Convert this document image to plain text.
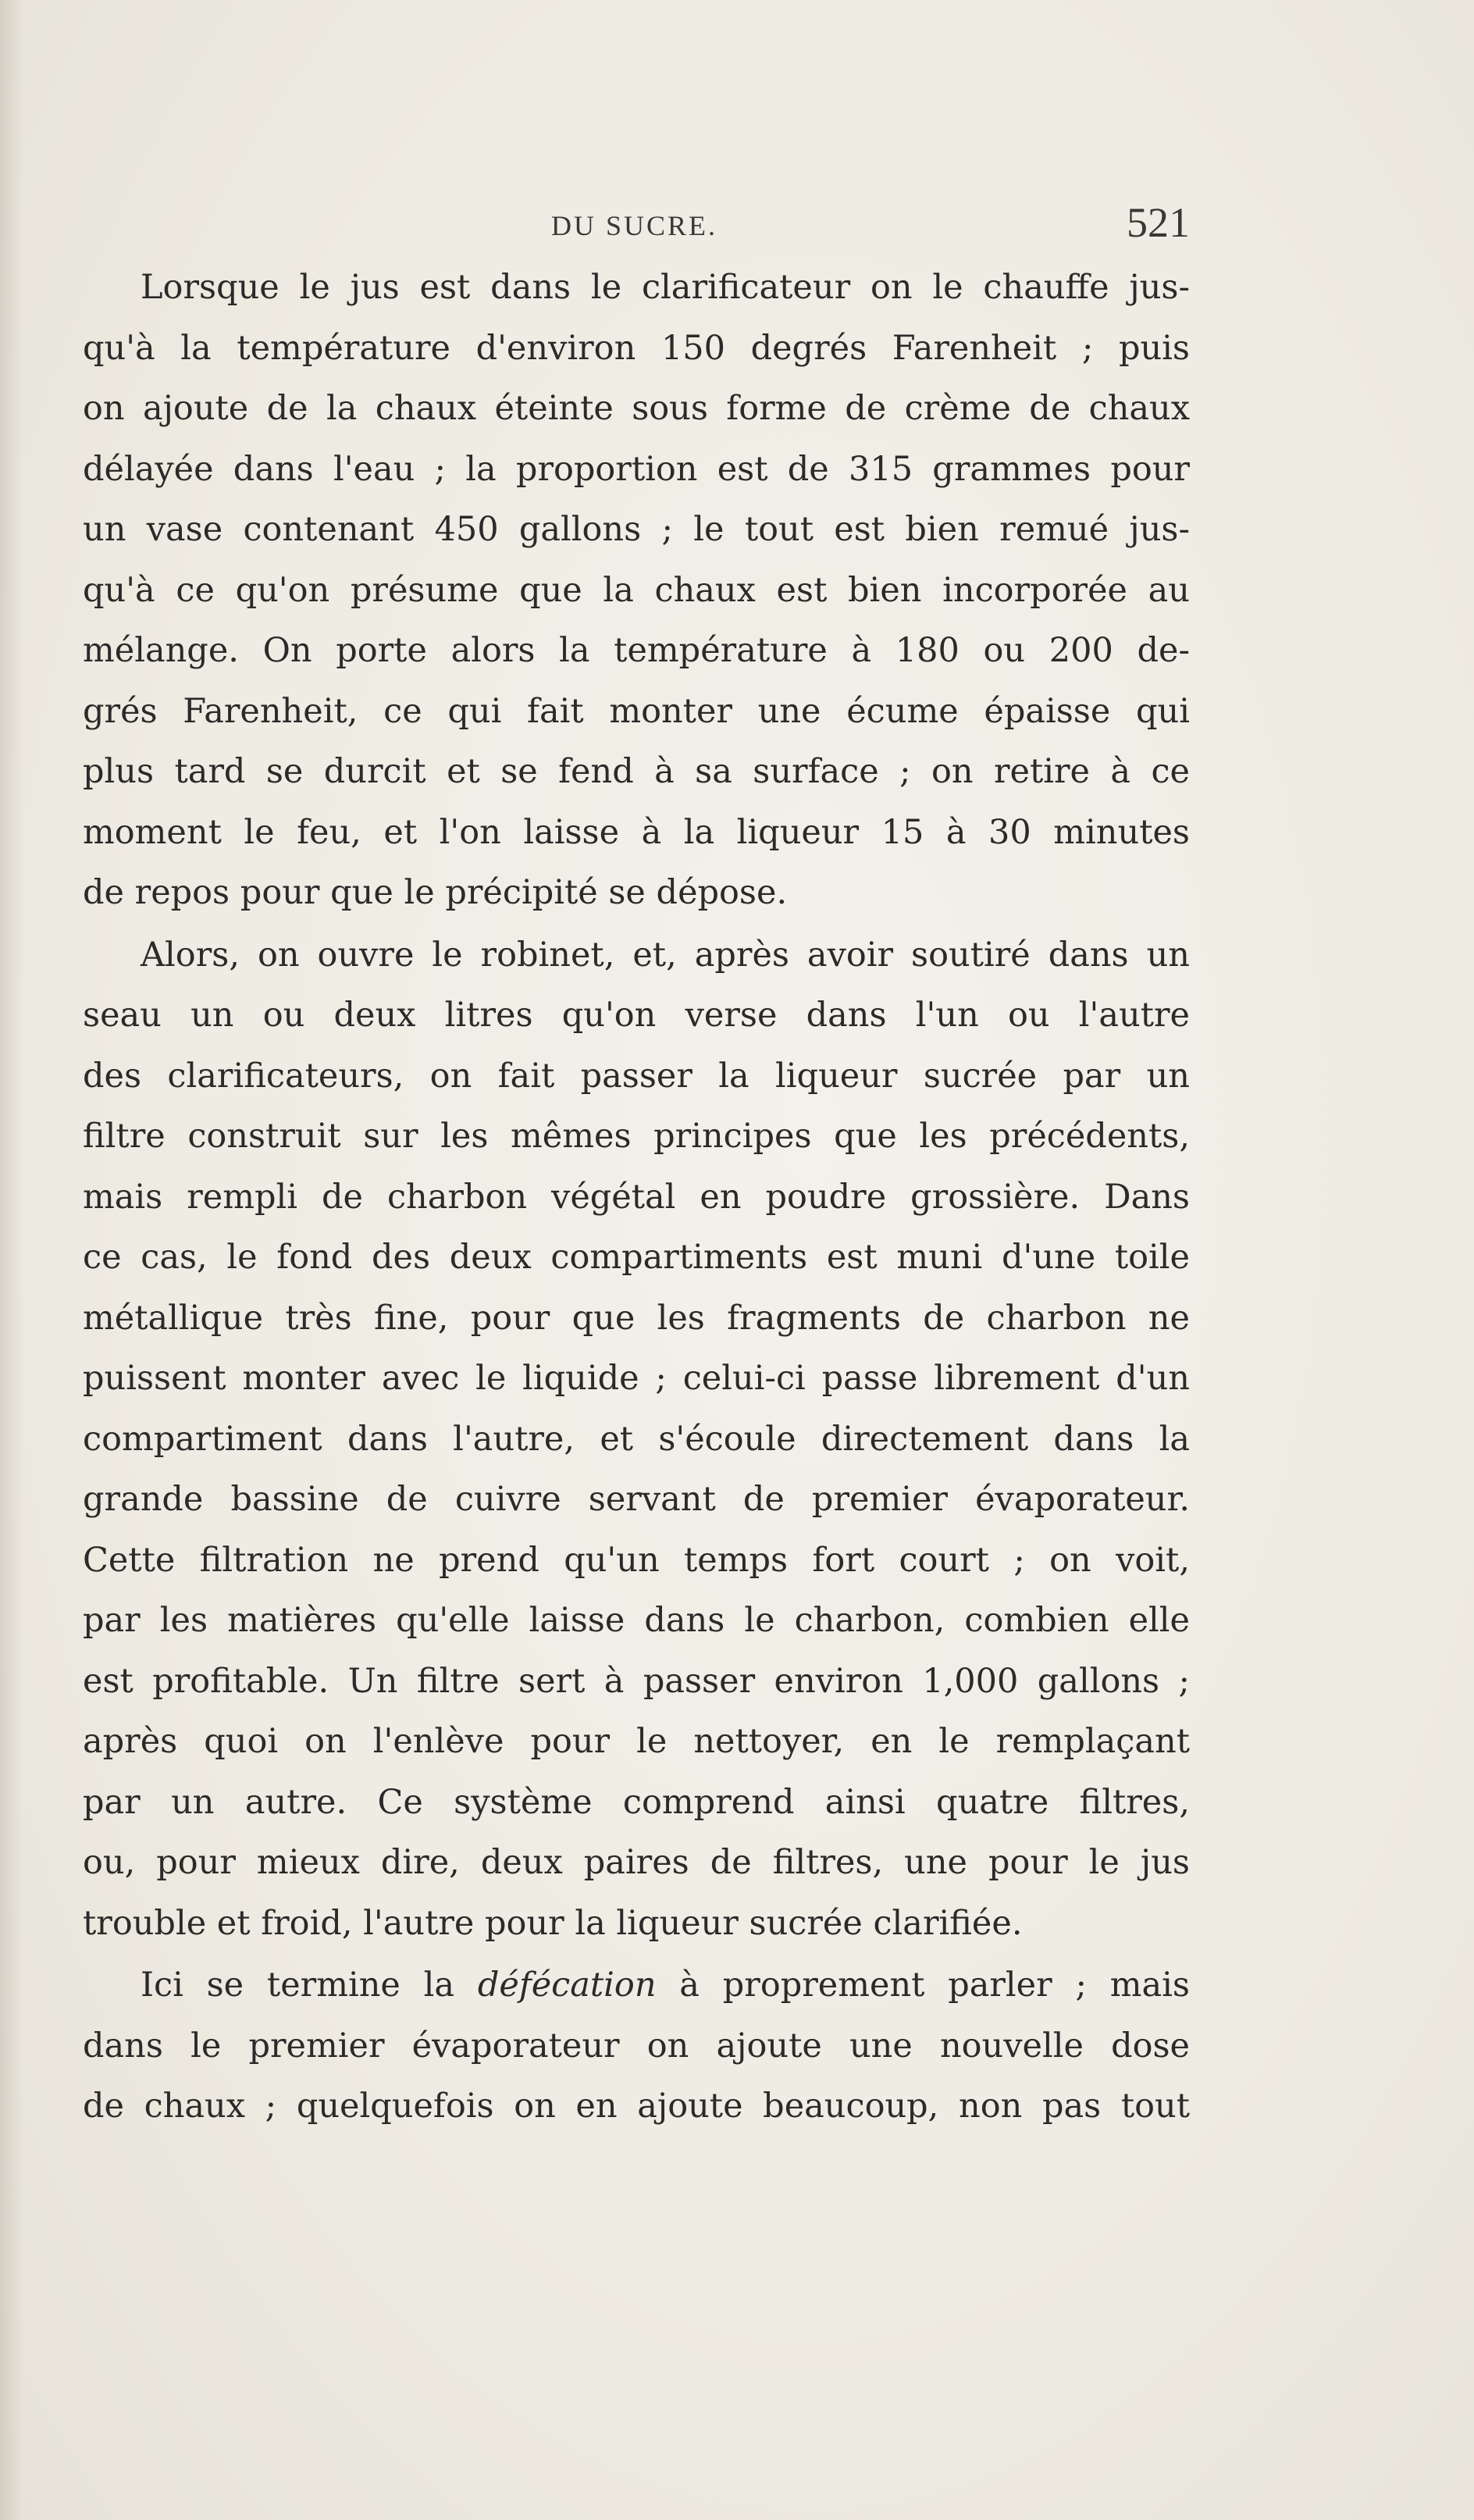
DU SUCRE.	521
Lorsque le jus est dans le clarificateur on le chauffe jus-
qu'à la température d'environ 150 degrés Farenheit ; puis
on ajoute de la chaux éteinte sous forme de crème de chaux
délayée dans l'eau ; la proportion est de 315 grammes pour
un vase contenant 450 gallons ; le tout est bien remué jus-
qu'à ce qu'on présume que la chaux est bien incorporée au
mélange. On porte alors la température à 180 ou 200 de-
grés Farenheit, ce qui fait monter une écume épaisse qui
plus tard se durcit et se fend à sa surface ; on retire à ce
moment le feu, et l'on laisse à la liqueur 15 à 30 minutes
de repos pour que le précipité se dépose.
Alors, on ouvre le robinet, et, après avoir soutiré dans un
seau un ou deux litres qu'on verse dans l'un ou l'autre
des clarificateurs, on fait passer la liqueur sucrée par un
filtre construit sur les mêmes principes que les précédents,
mais rempli de charbon végétal en poudre grossière. Dans
ce cas, le fond des deux compartiments est muni d'une toile
métallique très fine, pour que les fragments de charbon ne
puissent monter avec le liquide ; celui-ci passe librement d'un
compartiment dans l'autre, et s'écoule directement dans la
grande bassine de cuivre servant de premier évaporateur.
Cette filtration ne prend qu'un temps fort court ; on voit,
par les matières qu'elle laisse dans le charbon, combien elle
est profitable. Un filtre sert à passer environ 1,000 gallons ;
après quoi on l'enlève pour le nettoyer, en le remplaçant
par un autre. Ce système comprend ainsi quatre filtres,
ou, pour mieux dire, deux paires de filtres, une pour le jus
trouble et froid, l'autre pour la liqueur sucrée clarifiée.
Ici se termine la défécation à proprement parler ; mais
dans le premier évaporateur on ajoute une nouvelle dose
de chaux ; quelquefois on en ajoute beaucoup, non pas tout
